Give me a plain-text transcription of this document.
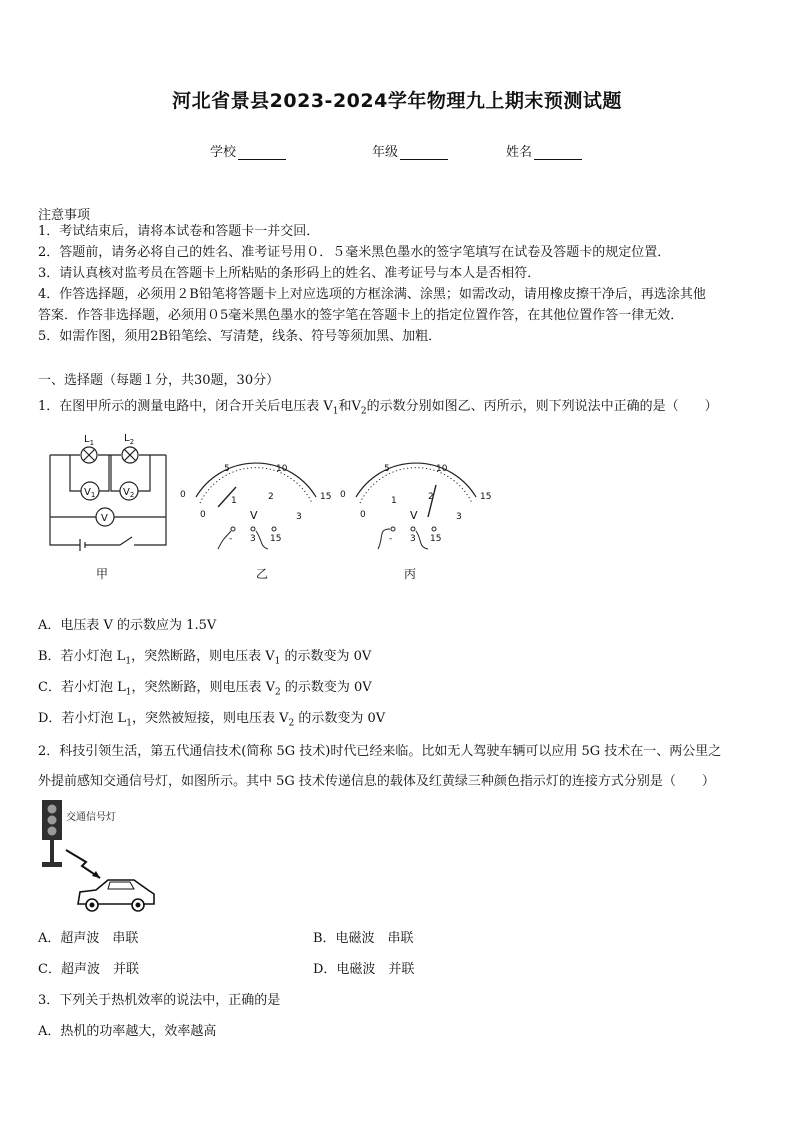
河北省景县2023-2024学年物理九上期末预测试题
学校	年级	姓名
注意事项
1．考试结束后，请将本试卷和答题卡一并交回．
2．答题前，请务必将自己的姓名、准考证号用０．５毫米黑色墨水的签字笔填写在试卷及答题卡的规定位置．
3．请认真核对监考员在答题卡上所粘贴的条形码上的姓名、准考证号与本人是否相符．
4．作答选择题，必须用２B铅笔将答题卡上对应选项的方框涂满、涂黑；如需改动，请用橡皮擦干净后，再选涂其他
答案．作答非选择题，必须用０5毫米黑色墨水的签字笔在答题卡上的指定位置作答，在其他位置作答一律无效．
5．如需作图，须用2B铅笔绘、写清楚，线条、符号等须加黑、加粗．
一、选择题（每题１分，共30题，30分）
1．在图甲所示的测量电路中，闭合开关后电压表 $V_1$和$V_2$的示数分别如图乙、丙所示，则下列说法中正确的是（　　）
$L_1$	$L_2$
$V_1$	$V_2$
V
甲	乙	丙
0
5	10
15
0
1	2
3
V
- 3 15
0
5	10
15
0
1	2
3
V
- 3 15
A．电压表 V 的示数应为 1.5V
B．若小灯泡 $L_1$，突然断路，则电压表 $V_1$ 的示数变为 0V
C．若小灯泡 $L_1$，突然断路，则电压表 $V_2$ 的示数变为 0V
D．若小灯泡 $L_1$，突然被短接，则电压表 $V_2$ 的示数变为 0V
2．科技引领生活，第五代通信技术(简称 5G 技术)时代已经来临。比如无人驾驶车辆可以应用 5G 技术在一、两公里之
外提前感知交通信号灯，如图所示。其中 5G 技术传递信息的载体及红黄绿三种颜色指示灯的连接方式分别是（　　）
交通信号灯
A．超声波　串联	B．电磁波　串联
C．超声波　并联	D．电磁波　并联
3．下列关于热机效率的说法中，正确的是
A．热机的功率越大，效率越高
